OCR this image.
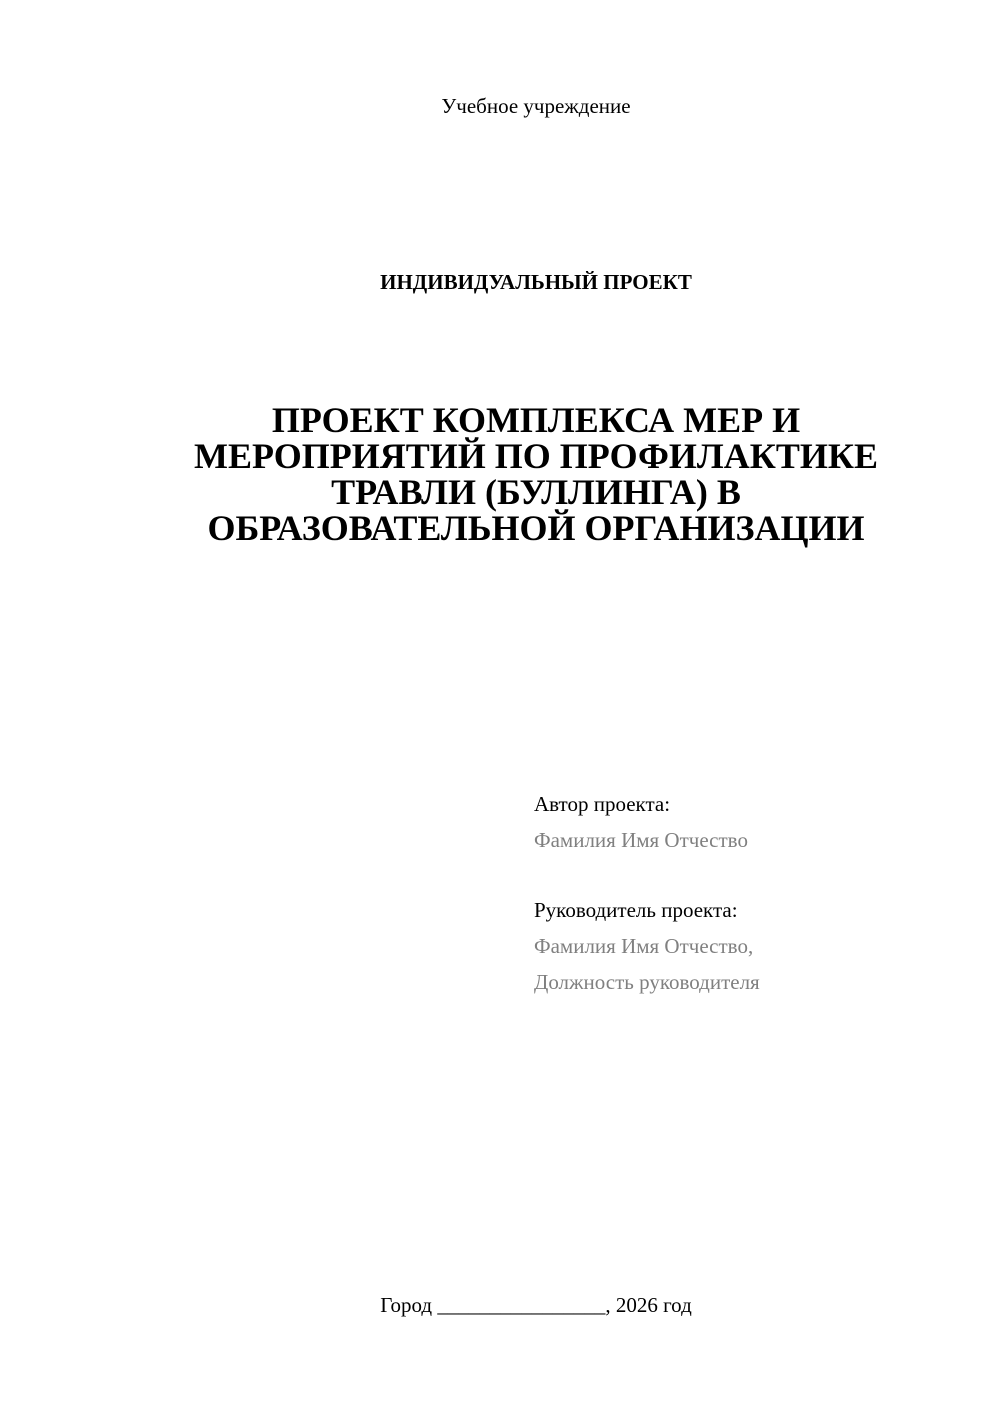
Учебное учреждение
ИНДИВИДУАЛЬНЫЙ ПРОЕКТ
ПРОЕКТ КОМПЛЕКСА МЕР И
МЕРОПРИЯТИЙ ПО ПРОФИЛАКТИКЕ
ТРАВЛИ (БУЛЛИНГА) В
ОБРАЗОВАТЕЛЬНОЙ ОРГАНИЗАЦИИ
Автор проекта:
Фамилия Имя Отчество
Руководитель проекта:
Фамилия Имя Отчество,
Должность руководителя
Город ________________, 2026 год
